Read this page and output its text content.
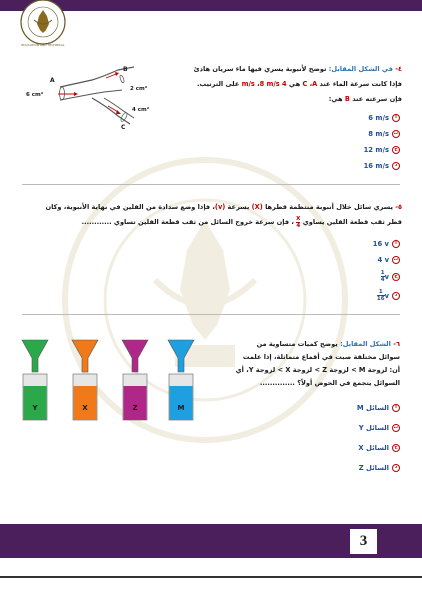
EDUCATION AND TECHNICAL
٤- في الشكل المقابل: توضح لأنبوبة يسري فيها ماء سريان هادئ
فإذا كانت سرعة الماء عند C ،A هي 4 m/s ،8 m/s على الترتيب.
فإن سرعته عند B هي:
A
B
C
6 cm²
2 cm²
4 cm²
أ
6 m/s
ب
8 m/s
ج
12 m/s
د
16 m/s
٥- يسري سائل خلال أنبوبة منتظمة قطرها (X) بسرعة (v)، فإذا وضع سدادة من الفلين في نهاية الأنبوبة، وكان
قطر ثقب قطعة الفلين يساوي
$\frac{X}{4}$
، فإن سرعة خروج السائل من ثقب قطعة الفلين تساوي ............
أ
16 v
ب
4 v
ج
$\frac{1}{4}$ v
د
$\frac{1}{16}$ v
٦- الشكل المقابل: يوضح كميات متساوية من
سوائل مختلفة صبت في أقماع متماثلة، إذا علمت
أن: لزوجة M > لزوجة Z > لزوجة X > لزوجة Y، أي
السوائل يتجمع في الحوض أولاً؟ ..............
Y	X	Z	M	أ
السائل M
ب
السائل Y
ج
السائل X
د
السائل Z
3
